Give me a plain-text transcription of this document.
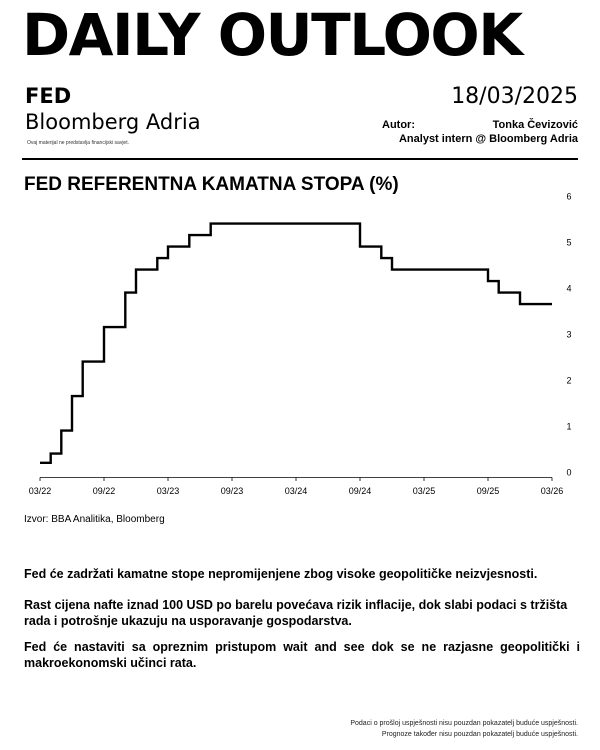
DAILY OUTLOOK
FED
Bloomberg Adria
Ovaj materijal ne predstavlja financijski savjet.
18/03/2025
Autor:	Tonka Čevizović
Analyst intern @ Bloomberg Adria
FED REFERENTNA KAMATNA STOPA (%)
03/22	09/22	03/23	09/23	03/24	09/24	03/25	09/25	03/26
0
1
2
3
4
5
6
Izvor: BBA Analitika, Bloomberg
Fed će zadržati kamatne stope nepromijenjene zbog visoke geopolitičke neizvjesnosti.
Rast cijena nafte iznad 100 USD po barelu povećava rizik inflacije, dok slabi podaci s tržišta rada i potrošnje ukazuju na usporavanje gospodarstva.
Fed će nastaviti sa opreznim pristupom wait and see dok se ne razjasne geopolitički i makroekonomski učinci rata.
Podaci o prošloj uspješnosti nisu pouzdan pokazatelj buduće uspješnosti.
Prognoze također nisu pouzdan pokazatelj buduće uspješnosti.
